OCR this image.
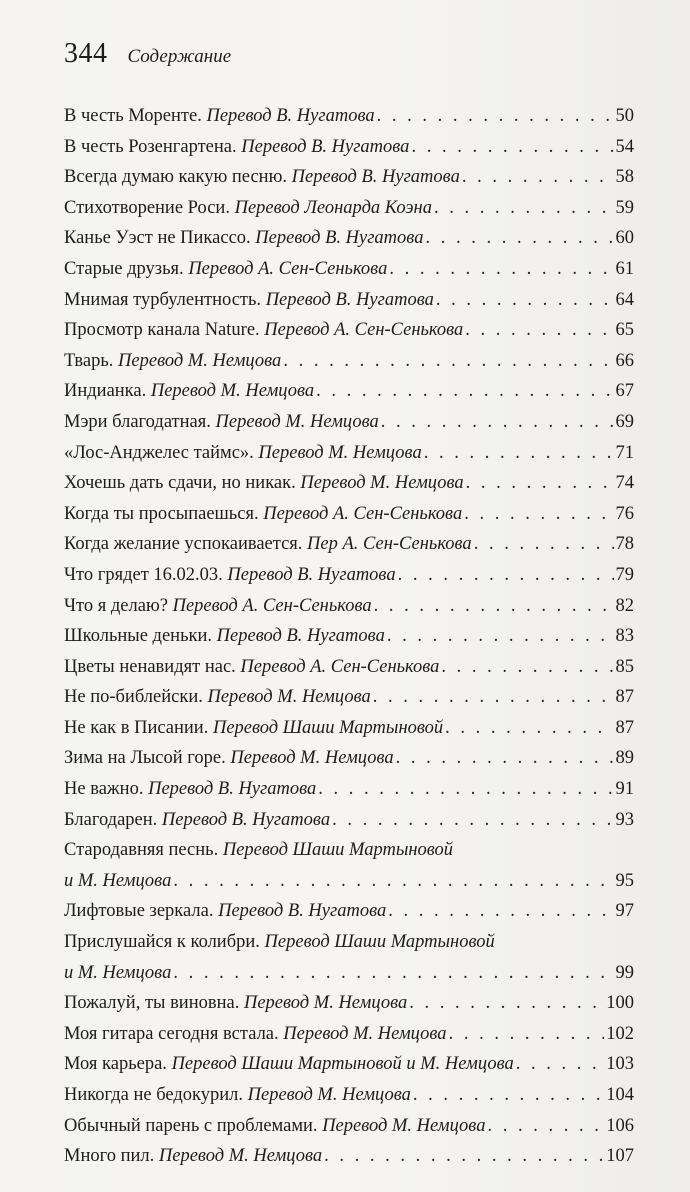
344 Содержание
В честь Моренте. Перевод В. Нугатова . . .	50
В честь Розенгартена. Перевод В. Нугатова . . .	54
Всегда думаю какую песню. Перевод В. Нугатова . . .	58
Стихотворение Роси. Перевод Леонарда Коэна . . .	59
Канье Уэст не Пикассо. Перевод В. Нугатова . . .	60
Старые друзья. Перевод А. Сен-Сенькова . . .	61
Мнимая турбулентность. Перевод В. Нугатова . . .	64
Просмотр канала Nature. Перевод А. Сен-Сенькова . . .	65
Тварь. Перевод М. Немцова . . .	66
Индианка. Перевод М. Немцова . . .	67
Мэри благодатная. Перевод М. Немцова . . .	69
«Лос-Анджелес таймс». Перевод М. Немцова . . .	71
Хочешь дать сдачи, но никак. Перевод М. Немцова . . .	74
Когда ты просыпаешься. Перевод А. Сен-Сенькова . . .	76
Когда желание успокаивается. Пер А. Сен-Сенькова . . .	78
Что грядет 16.02.03. Перевод В. Нугатова . . .	79
Что я делаю? Перевод А. Сен-Сенькова . . .	82
Школьные деньки. Перевод В. Нугатова . . .	83
Цветы ненавидят нас. Перевод А. Сен-Сенькова . . .	85
Не по-библейски. Перевод М. Немцова . . .	87
Не как в Писании. Перевод Шаши Мартыновой . . .	87
Зима на Лысой горе. Перевод М. Немцова . . .	89
Не важно. Перевод В. Нугатова . . .	91
Благодарен. Перевод В. Нугатова . . .	93
Стародавняя песнь. Перевод Шаши Мартыновой
и М. Немцова . . .	95
Лифтовые зеркала. Перевод В. Нугатова . . .	97
Прислушайся к колибри. Перевод Шаши Мартыновой
и М. Немцова . . .	99
Пожалуй, ты виновна. Перевод М. Немцова . . .	100
Моя гитара сегодня встала. Перевод М. Немцова . . .	102
Моя карьера. Перевод Шаши Мартыновой и М. Немцова . . .	103
Никогда не бедокурил. Перевод М. Немцова . . .	104
Обычный парень с проблемами. Перевод М. Немцова . . .	106
Много пил. Перевод М. Немцова . . .	107
